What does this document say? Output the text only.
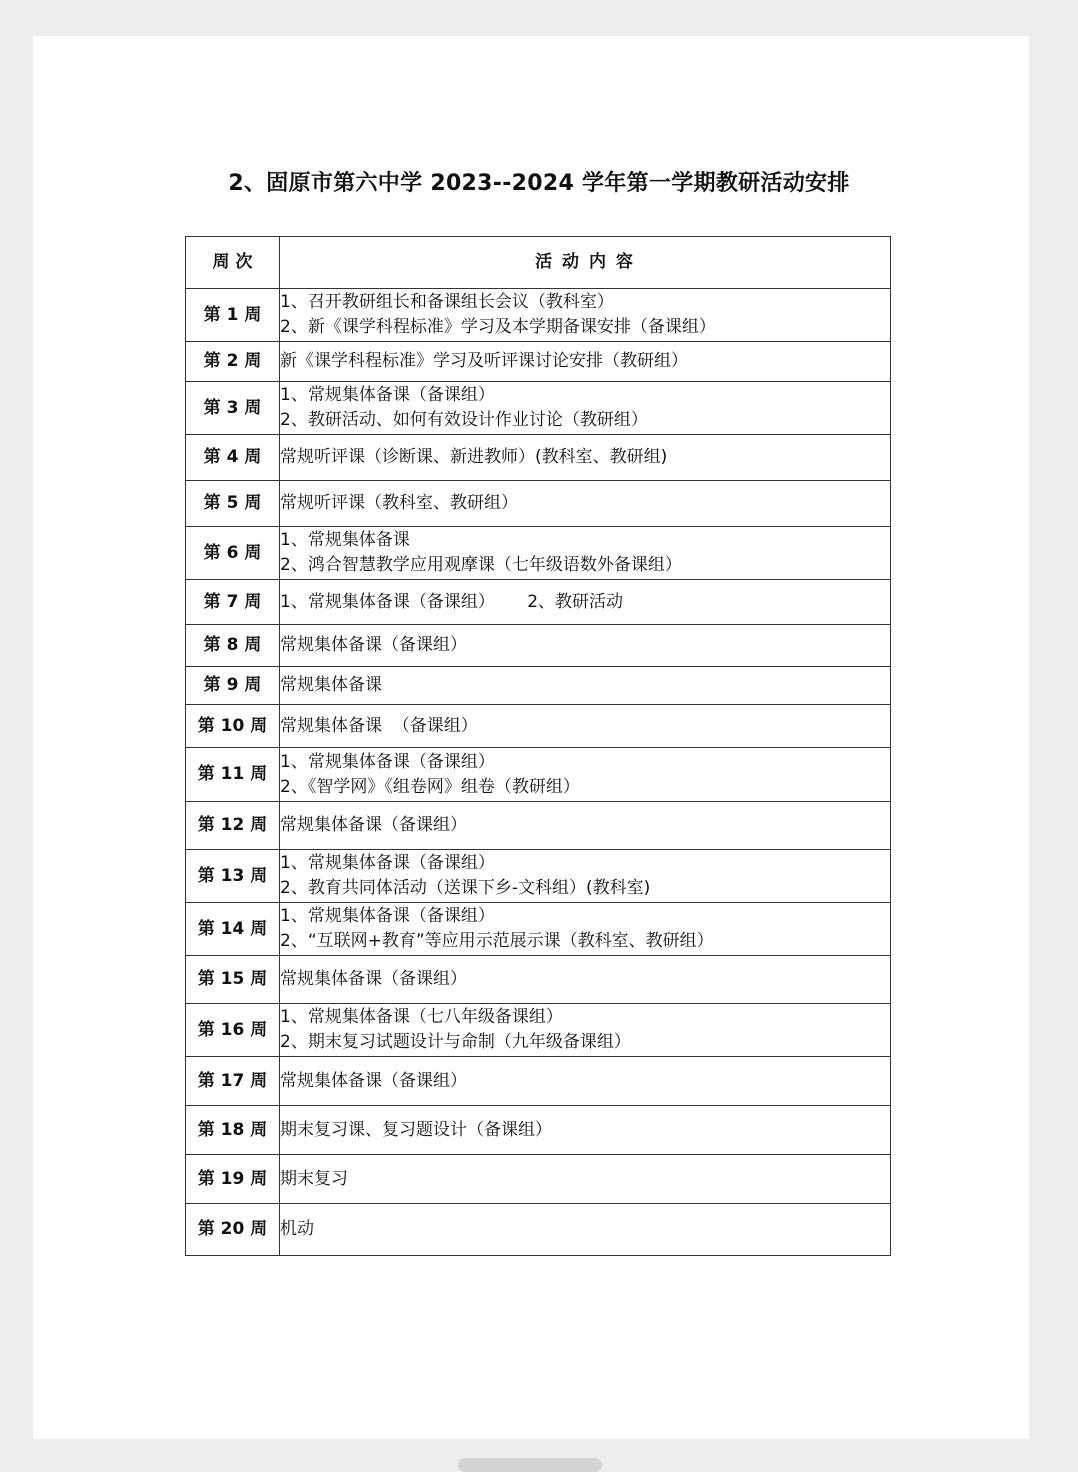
2、固原市第六中学 2023--2024 学年第一学期教研活动安排
周 次	活 动 内 容
第 1 周	1、召开教研组长和备课组长会议（教科室）
2、新《课学科程标准》学习及本学期备课安排（备课组）

第 2 周	新《课学科程标准》学习及听评课讨论安排（教研组）

第 3 周	1、常规集体备课（备课组）
2、教研活动、如何有效设计作业讨论（教研组）

第 4 周	常规听评课（诊断课、新进教师）(教科室、教研组)

第 5 周	常规听评课（教科室、教研组）

第 6 周	1、常规集体备课
2、鸿合智慧教学应用观摩课（七年级语数外备课组）

第 7 周	1、常规集体备课（备课组）      2、教研活动

第 8 周	常规集体备课（备课组）

第 9 周	常规集体备课

第 10 周	常规集体备课  （备课组）

第 11 周	1、常规集体备课（备课组）
2、《智学网》《组卷网》组卷（教研组）

第 12 周	常规集体备课（备课组）

第 13 周	1、常规集体备课（备课组）
2、教育共同体活动（送课下乡-文科组）(教科室)

第 14 周	1、常规集体备课（备课组）
2、“互联网+教育”等应用示范展示课（教科室、教研组）

第 15 周	常规集体备课（备课组）

第 16 周	1、常规集体备课（七八年级备课组）
2、期末复习试题设计与命制（九年级备课组）

第 17 周	常规集体备课（备课组）

第 18 周	期末复习课、复习题设计（备课组）

第 19 周	期末复习

第 20 周	机动
